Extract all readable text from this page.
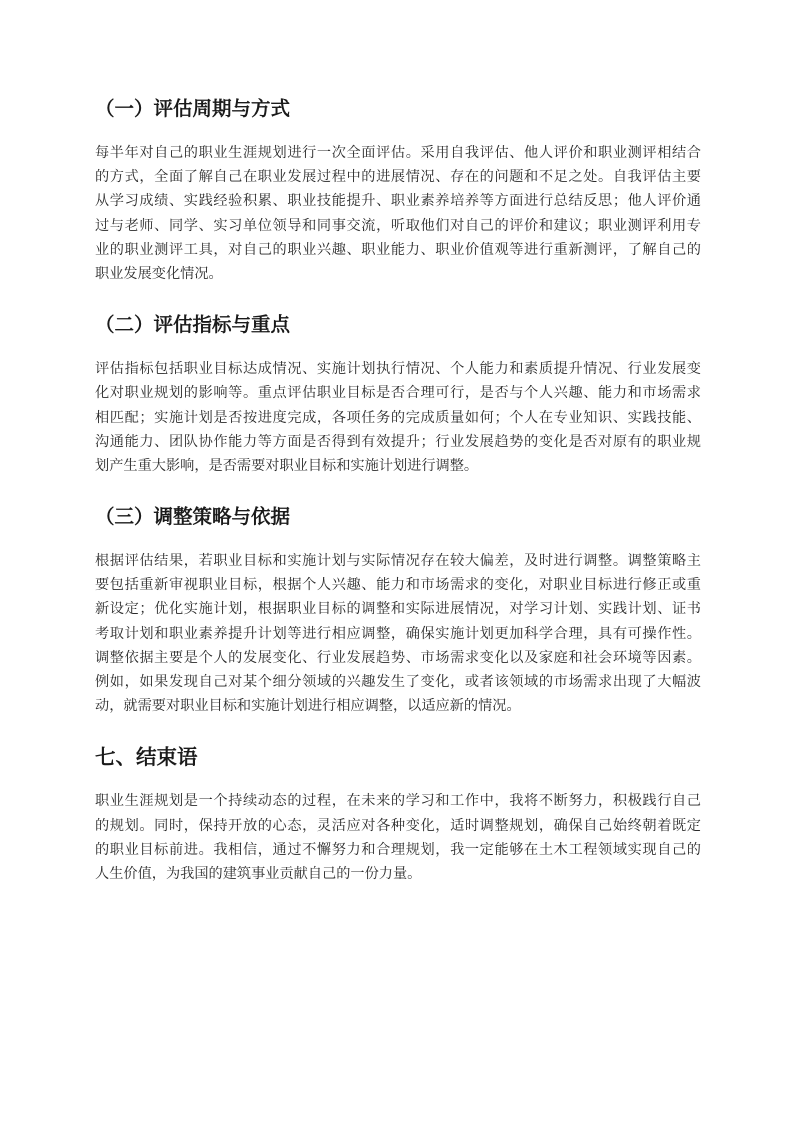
（一）评估周期与方式

每半年对自己的职业生涯规划进行一次全面评估。采用自我评估、他人评价和职业测评相结合
的方式，全面了解自己在职业发展过程中的进展情况、存在的问题和不足之处。自我评估主要
从学习成绩、实践经验积累、职业技能提升、职业素养培养等方面进行总结反思；他人评价通
过与老师、同学、实习单位领导和同事交流，听取他们对自己的评价和建议；职业测评利用专
业的职业测评工具，对自己的职业兴趣、职业能力、职业价值观等进行重新测评，了解自己的
职业发展变化情况。

（二）评估指标与重点

评估指标包括职业目标达成情况、实施计划执行情况、个人能力和素质提升情况、行业发展变
化对职业规划的影响等。重点评估职业目标是否合理可行，是否与个人兴趣、能力和市场需求
相匹配；实施计划是否按进度完成，各项任务的完成质量如何；个人在专业知识、实践技能、
沟通能力、团队协作能力等方面是否得到有效提升；行业发展趋势的变化是否对原有的职业规
划产生重大影响，是否需要对职业目标和实施计划进行调整。

（三）调整策略与依据

根据评估结果，若职业目标和实施计划与实际情况存在较大偏差，及时进行调整。调整策略主
要包括重新审视职业目标，根据个人兴趣、能力和市场需求的变化，对职业目标进行修正或重
新设定；优化实施计划，根据职业目标的调整和实际进展情况，对学习计划、实践计划、证书
考取计划和职业素养提升计划等进行相应调整，确保实施计划更加科学合理，具有可操作性。
调整依据主要是个人的发展变化、行业发展趋势、市场需求变化以及家庭和社会环境等因素。
例如，如果发现自己对某个细分领域的兴趣发生了变化，或者该领域的市场需求出现了大幅波
动，就需要对职业目标和实施计划进行相应调整，以适应新的情况。

七、结束语

职业生涯规划是一个持续动态的过程，在未来的学习和工作中，我将不断努力，积极践行自己
的规划。同时，保持开放的心态，灵活应对各种变化，适时调整规划，确保自己始终朝着既定
的职业目标前进。我相信，通过不懈努力和合理规划，我一定能够在土木工程领域实现自己的
人生价值，为我国的建筑事业贡献自己的一份力量。
